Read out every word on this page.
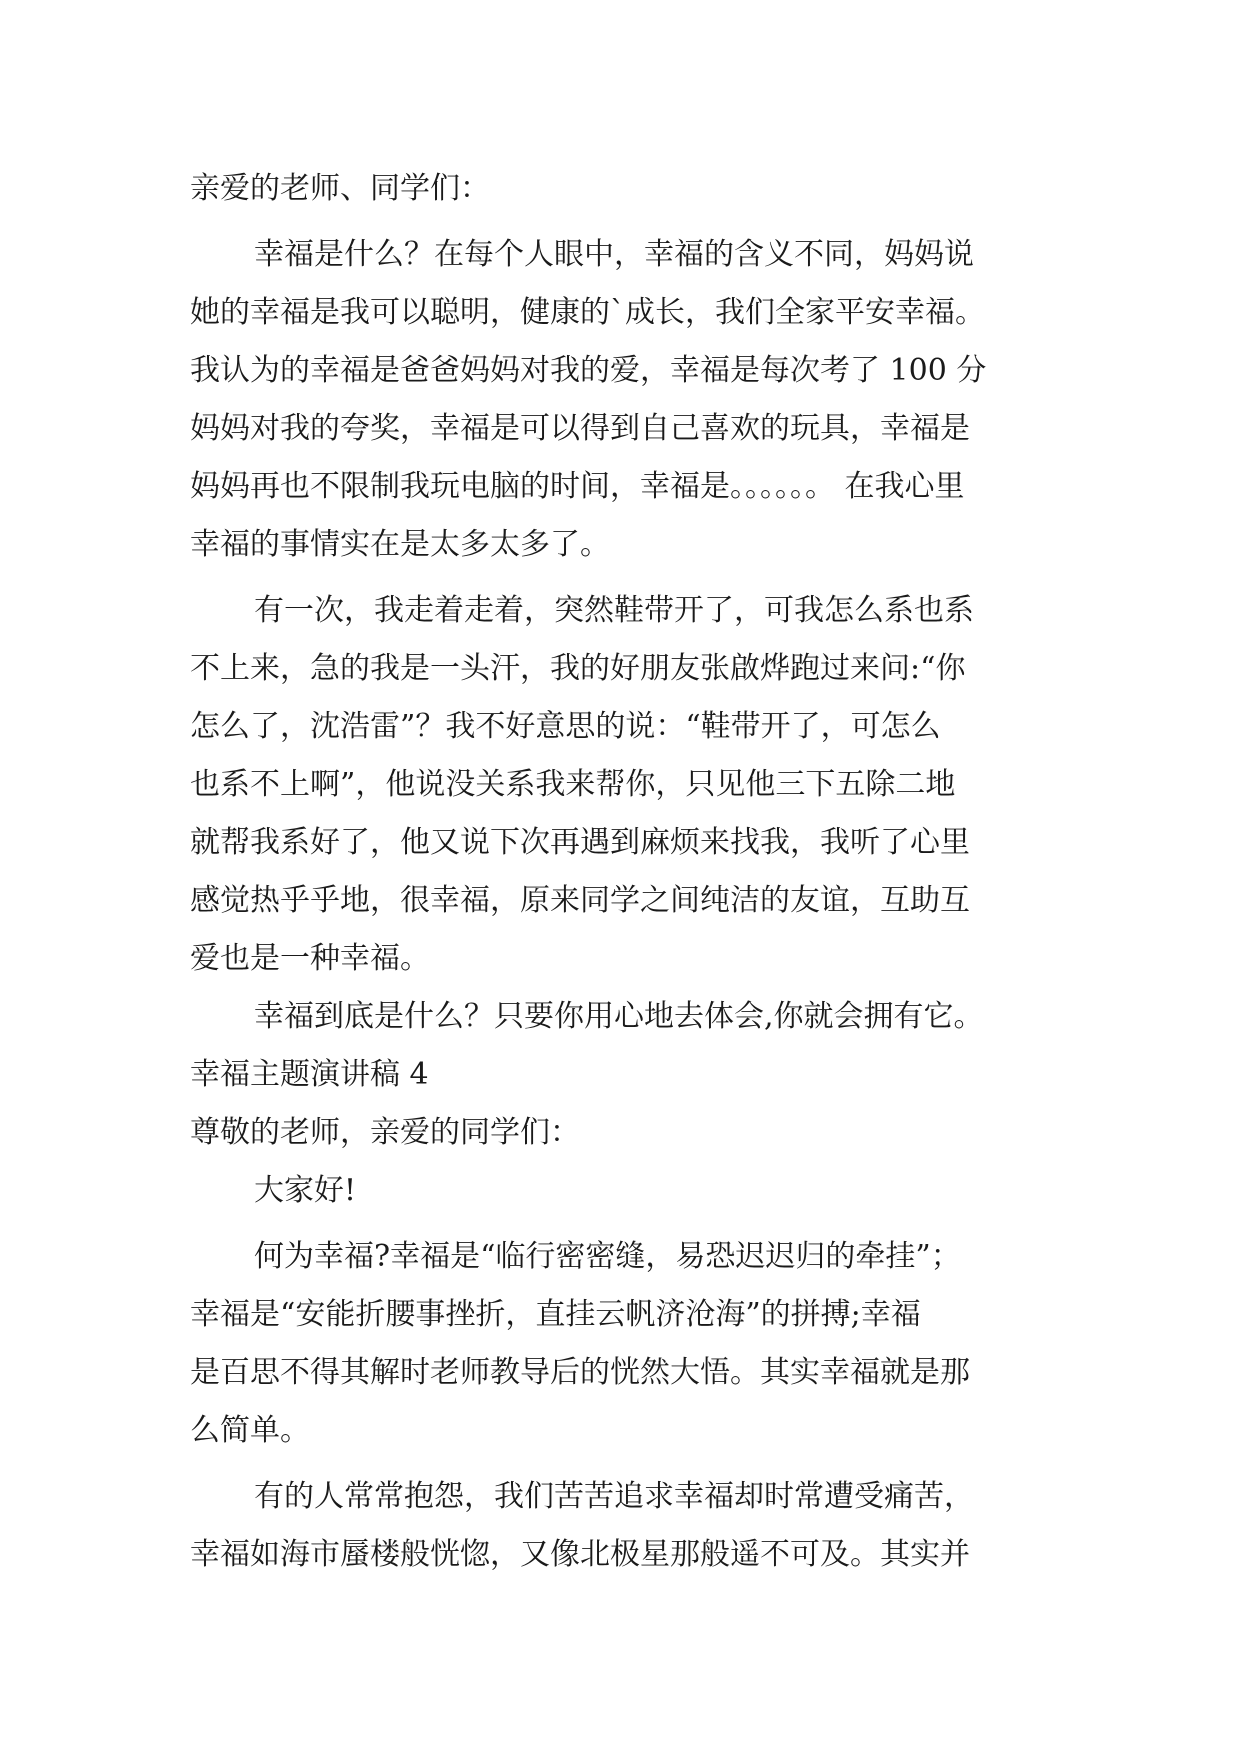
亲爱的老师、同学们：
幸福是什么？在每个人眼中，幸福的含义不同，妈妈说
她的幸福是我可以聪明，健康的`成长，我们全家平安幸福。
我认为的幸福是爸爸妈妈对我的爱，幸福是每次考了 100 分
妈妈对我的夸奖，幸福是可以得到自己喜欢的玩具，幸福是
妈妈再也不限制我玩电脑的时间，幸福是。。。。。。 在我心里
幸福的事情实在是太多太多了。
有一次，我走着走着，突然鞋带开了，可我怎么系也系
不上来，急的我是一头汗，我的好朋友张啟烨跑过来问:“你
怎么了，沈浩雷”？我不好意思的说：“鞋带开了，可怎么
也系不上啊”，他说没关系我来帮你，只见他三下五除二地
就帮我系好了，他又说下次再遇到麻烦来找我，我听了心里
感觉热乎乎地，很幸福，原来同学之间纯洁的友谊，互助互
爱也是一种幸福。
幸福到底是什么？只要你用心地去体会,你就会拥有它。
幸福主题演讲稿 4
尊敬的老师，亲爱的同学们：
大家好!
何为幸福?幸福是“临行密密缝，易恐迟迟归的牵挂”；
幸福是“安能折腰事挫折，直挂云帆济沧海”的拼搏;幸福
是百思不得其解时老师教导后的恍然大悟。其实幸福就是那
么简单。
有的人常常抱怨，我们苦苦追求幸福却时常遭受痛苦，
幸福如海市蜃楼般恍惚，又像北极星那般遥不可及。其实并
